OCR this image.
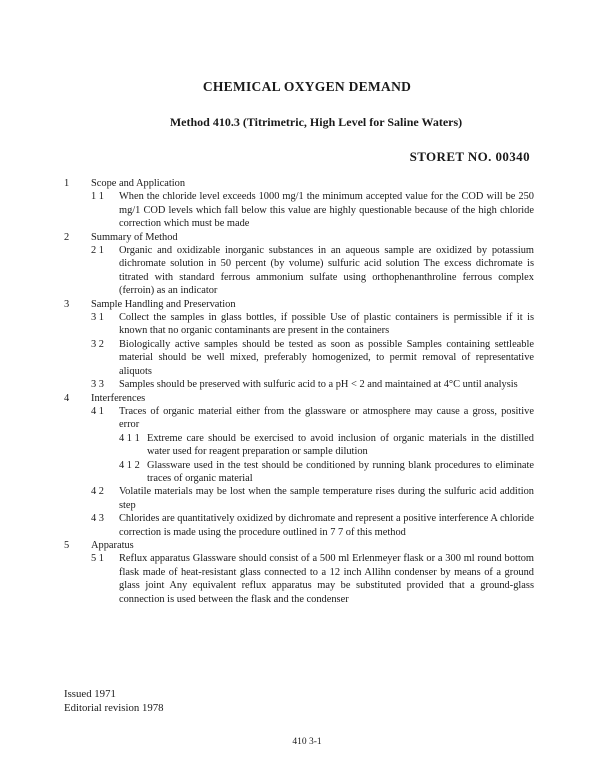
CHEMICAL OXYGEN DEMAND
Method 410.3 (Titrimetric, High Level for Saline Waters)
STORET NO. 00340
1	Scope and Application
1 1	When the chloride level exceeds 1000 mg/1 the minimum accepted value for the COD will be 250 mg/1 COD levels which fall below this value are highly questionable because of the high chloride correction which must be made
2	Summary of Method
2 1	Organic and oxidizable inorganic substances in an aqueous sample are oxidized by potassium dichromate solution in 50 percent (by volume) sulfuric acid solution The excess dichromate is titrated with standard ferrous ammonium sulfate using orthophenanthroline ferrous complex (ferroin) as an indicator
3	Sample Handling and Preservation
3 1	Collect the samples in glass bottles, if possible Use of plastic containers is permissible if it is known that no organic contaminants are present in the containers
3 2	Biologically active samples should be tested as soon as possible Samples containing settleable material should be well mixed, preferably homogenized, to permit removal of representative aliquots
3 3	Samples should be preserved with sulfuric acid to a pH < 2 and maintained at 4°C until analysis
4	Interferences
4 1	Traces of organic material either from the glassware or atmosphere may cause a gross, positive error
4 1 1 Extreme care should be exercised to avoid inclusion of organic materials in the distilled water used for reagent preparation or sample dilution
4 1 2 Glassware used in the test should be conditioned by running blank procedures to eliminate traces of organic material
4 2	Volatile materials may be lost when the sample temperature rises during the sulfuric acid addition step
4 3	Chlorides are quantitatively oxidized by dichromate and represent a positive interference A chloride correction is made using the procedure outlined in 7 7 of this method
5	Apparatus
5 1	Reflux apparatus Glassware should consist of a 500 ml Erlenmeyer flask or a 300 ml round bottom flask made of heat-resistant glass connected to a 12 inch Allihn condenser by means of a ground glass joint Any equivalent reflux apparatus may be substituted provided that a ground-glass connection is used between the flask and the condenser
Issued 1971
Editorial revision 1978
410 3-1
